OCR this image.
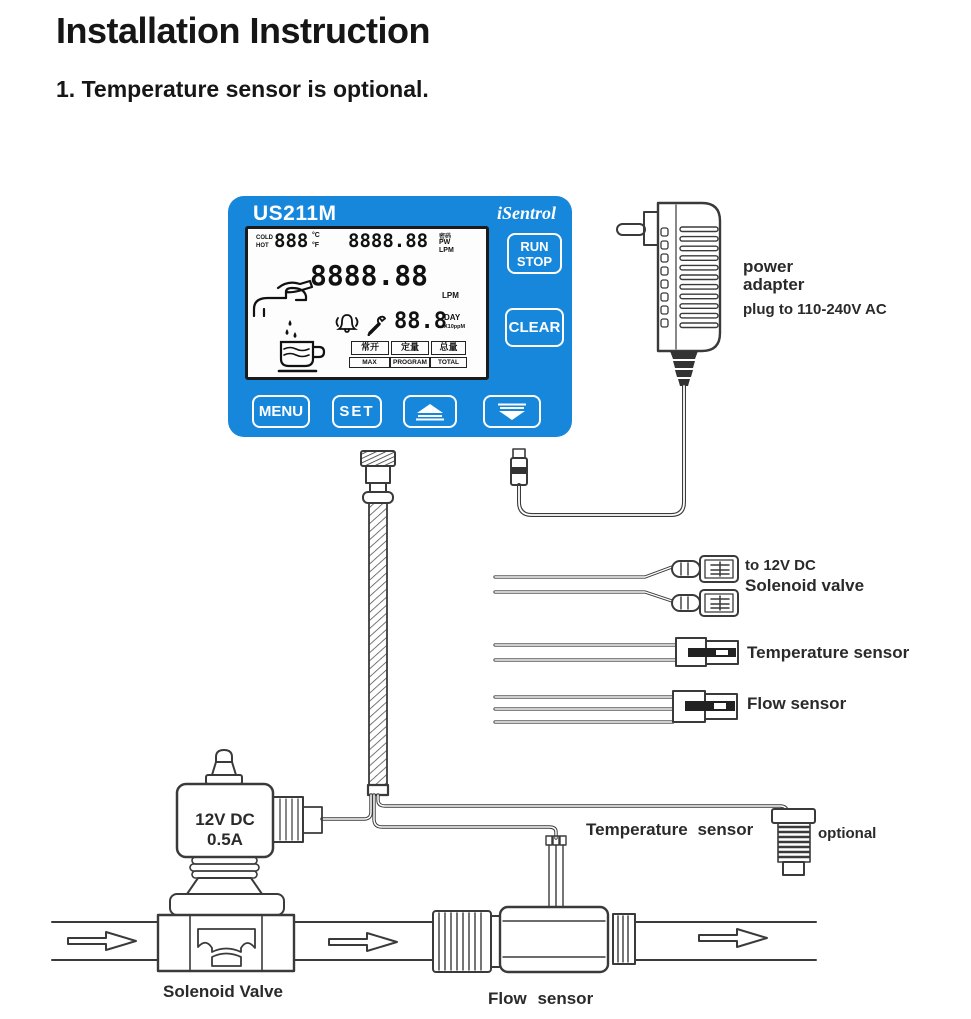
Installation Instruction
1. Temperature sensor is optional.
US211M	iSentrol
COLD
HOT 888 °C
°F 8888.88 密码
PW
LPM
8888.88
LPM
88.8
DAY
X10ppM
常开	定量	总量
MAX	PROGRAM	TOTAL
RUN
STOP
CLEAR
MENU	SET
power
adapter
plug to 110-240V AC
to 12V DC
Solenoid valve
Temperature sensor
Flow sensor
12V DC 0.5A
Temperature sensor	optional
Solenoid Valve	Flow sensor
